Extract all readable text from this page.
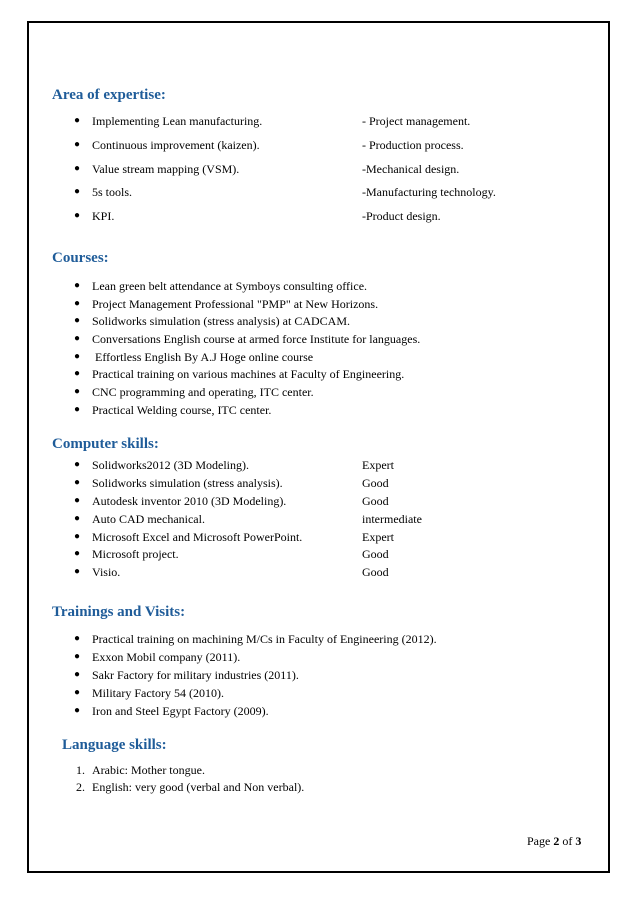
Area of expertise:
● Implementing Lean manufacturing.	- Project management.
● Continuous improvement (kaizen).	- Production process.
● Value stream mapping (VSM).	-Mechanical design.
● 5s tools.	-Manufacturing technology.
● KPI.	-Product design.
Courses:
● Lean green belt attendance at Symboys consulting office.
● Project Management Professional "PMP" at New Horizons.
● Solidworks simulation (stress analysis) at CADCAM.
● Conversations English course at armed force Institute for languages.
● Effortless English By A.J Hoge online course
● Practical training on various machines at Faculty of Engineering.
● CNC programming and operating, ITC center.
● Practical Welding course, ITC center.
Computer skills:
● Solidworks2012 (3D Modeling).	Expert
● Solidworks simulation (stress analysis).	Good
● Autodesk inventor 2010 (3D Modeling).	Good
● Auto CAD mechanical.	intermediate
● Microsoft Excel and Microsoft PowerPoint.	Expert
● Microsoft project.	Good
● Visio.	Good
Trainings and Visits:
● Practical training on machining M/Cs in Faculty of Engineering (2012).
● Exxon Mobil company (2011).
● Sakr Factory for military industries (2011).
● Military Factory 54 (2010).
● Iron and Steel Egypt Factory (2009).
Language skills:
1. Arabic: Mother tongue.
2. English: very good (verbal and Non verbal).
Page 2 of 3
